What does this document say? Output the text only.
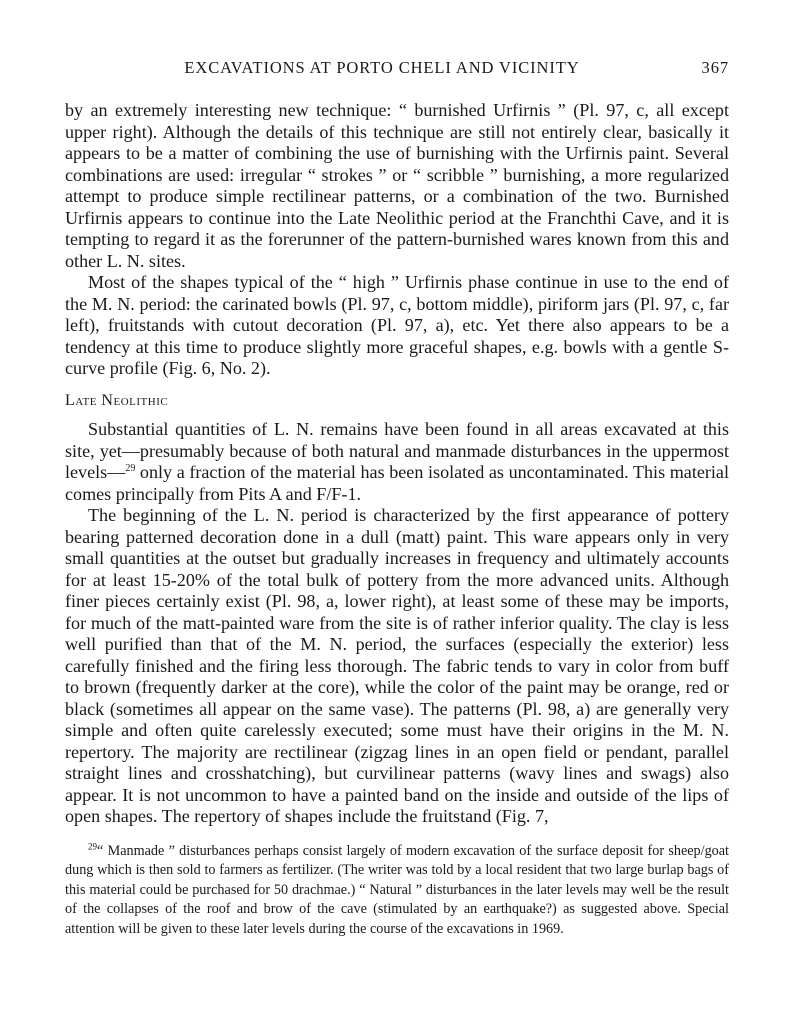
EXCAVATIONS AT PORTO CHELI AND VICINITY	367

by an extremely interesting new technique: “ burnished Urfirnis ” (Pl. 97, c, all except upper right). Although the details of this technique are still not entirely clear, basically it appears to be a matter of combining the use of burnishing with the Urfirnis paint. Several combinations are used: irregular “ strokes ” or “ scribble ” burnishing, a more regularized attempt to produce simple rectilinear patterns, or a combination of the two. Burnished Urfirnis appears to continue into the Late Neolithic period at the Franchthi Cave, and it is tempting to regard it as the forerunner of the pattern-burnished wares known from this and other L. N. sites.

Most of the shapes typical of the “ high ” Urfirnis phase continue in use to the end of the M. N. period: the carinated bowls (Pl. 97, c, bottom middle), piriform jars (Pl. 97, c, far left), fruitstands with cutout decoration (Pl. 97, a), etc. Yet there also appears to be a tendency at this time to produce slightly more graceful shapes, e.g. bowls with a gentle S-curve profile (Fig. 6, No. 2).

Late Neolithic

Substantial quantities of L. N. remains have been found in all areas excavated at this site, yet—presumably because of both natural and manmade disturbances in the uppermost levels—$^{29}$ only a fraction of the material has been isolated as uncontaminated. This material comes principally from Pits A and F/F-1.

The beginning of the L. N. period is characterized by the first appearance of pottery bearing patterned decoration done in a dull (matt) paint. This ware appears only in very small quantities at the outset but gradually increases in frequency and ultimately accounts for at least 15-20% of the total bulk of pottery from the more advanced units. Although finer pieces certainly exist (Pl. 98, a, lower right), at least some of these may be imports, for much of the matt-painted ware from the site is of rather inferior quality. The clay is less well purified than that of the M. N. period, the surfaces (especially the exterior) less carefully finished and the firing less thorough. The fabric tends to vary in color from buff to brown (frequently darker at the core), while the color of the paint may be orange, red or black (sometimes all appear on the same vase). The patterns (Pl. 98, a) are generally very simple and often quite carelessly executed; some must have their origins in the M. N. repertory. The majority are rectilinear (zigzag lines in an open field or pendant, parallel straight lines and crosshatching), but curvilinear patterns (wavy lines and swags) also appear. It is not uncommon to have a painted band on the inside and outside of the lips of open shapes. The repertory of shapes include the fruitstand (Fig. 7,

$^{29}$“ Manmade ” disturbances perhaps consist largely of modern excavation of the surface deposit for sheep/goat dung which is then sold to farmers as fertilizer. (The writer was told by a local resident that two large burlap bags of this material could be purchased for 50 drachmae.) “ Natural ” disturbances in the later levels may well be the result of the collapses of the roof and brow of the cave (stimulated by an earthquake?) as suggested above. Special attention will be given to these later levels during the course of the excavations in 1969.
